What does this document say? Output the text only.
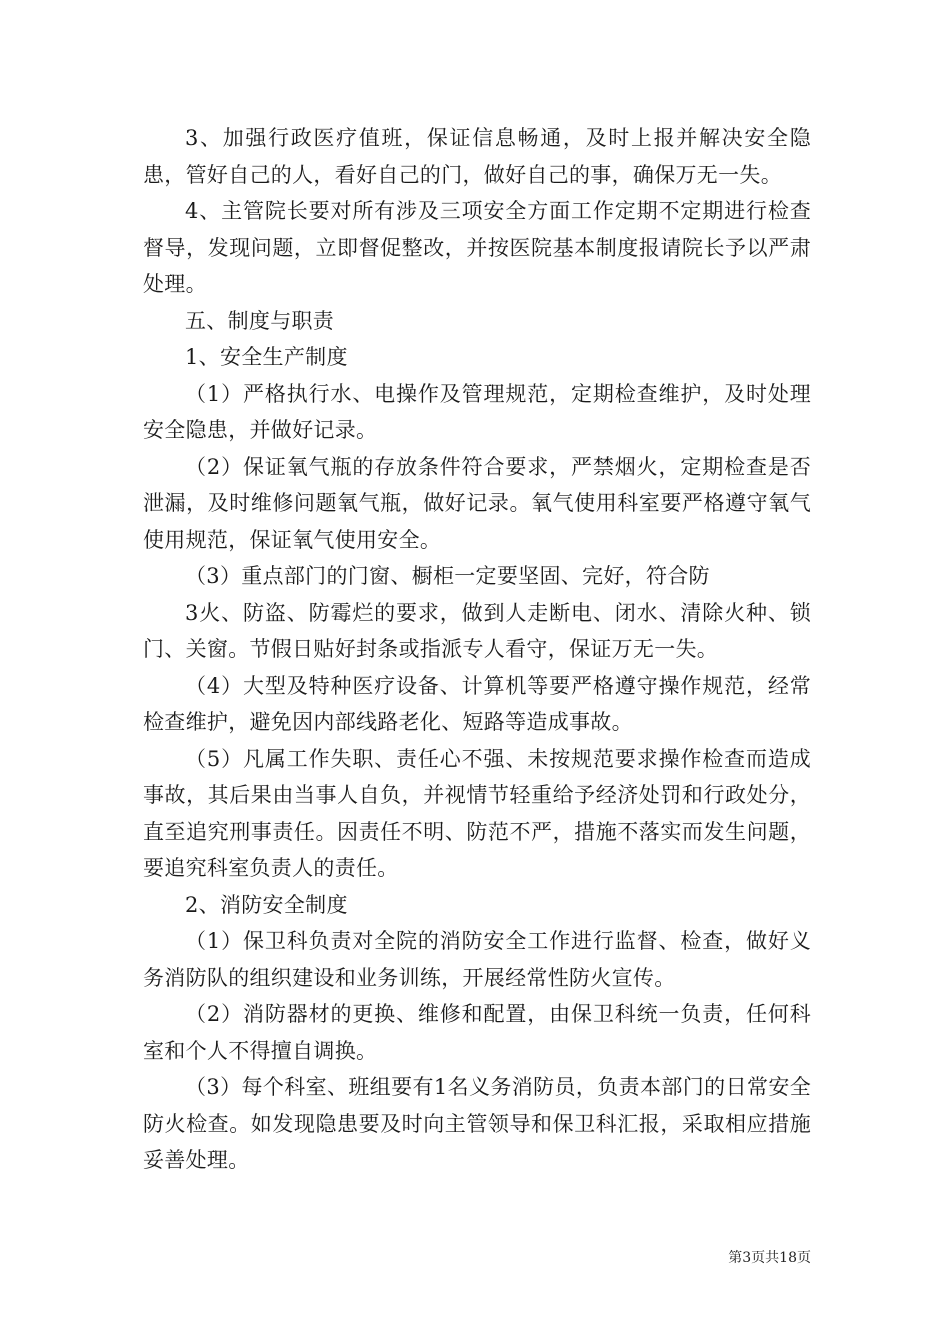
3、加强行政医疗值班，保证信息畅通，及时上报并解决安全隐患，管好自己的人，看好自己的门，做好自己的事，确保万无一失。

4、主管院长要对所有涉及三项安全方面工作定期不定期进行检查督导，发现问题，立即督促整改，并按医院基本制度报请院长予以严肃处理。

五、制度与职责

1、安全生产制度

（1）严格执行水、电操作及管理规范，定期检查维护，及时处理安全隐患，并做好记录。

（2）保证氧气瓶的存放条件符合要求，严禁烟火，定期检查是否泄漏，及时维修问题氧气瓶，做好记录。氧气使用科室要严格遵守氧气使用规范，保证氧气使用安全。

（3）重点部门的门窗、橱柜一定要坚固、完好，符合防

3火、防盗、防霉烂的要求，做到人走断电、闭水、清除火种、锁门、关窗。节假日贴好封条或指派专人看守，保证万无一失。

（4）大型及特种医疗设备、计算机等要严格遵守操作规范，经常检查维护，避免因内部线路老化、短路等造成事故。

（5）凡属工作失职、责任心不强、未按规范要求操作检查而造成事故，其后果由当事人自负，并视情节轻重给予经济处罚和行政处分，直至追究刑事责任。因责任不明、防范不严，措施不落实而发生问题，要追究科室负责人的责任。

2、消防安全制度

（1）保卫科负责对全院的消防安全工作进行监督、检查，做好义务消防队的组织建设和业务训练，开展经常性防火宣传。

（2）消防器材的更换、维修和配置，由保卫科统一负责，任何科室和个人不得擅自调换。

（3）每个科室、班组要有1名义务消防员，负责本部门的日常安全防火检查。如发现隐患要及时向主管领导和保卫科汇报，采取相应措施妥善处理。

第3页共18页
